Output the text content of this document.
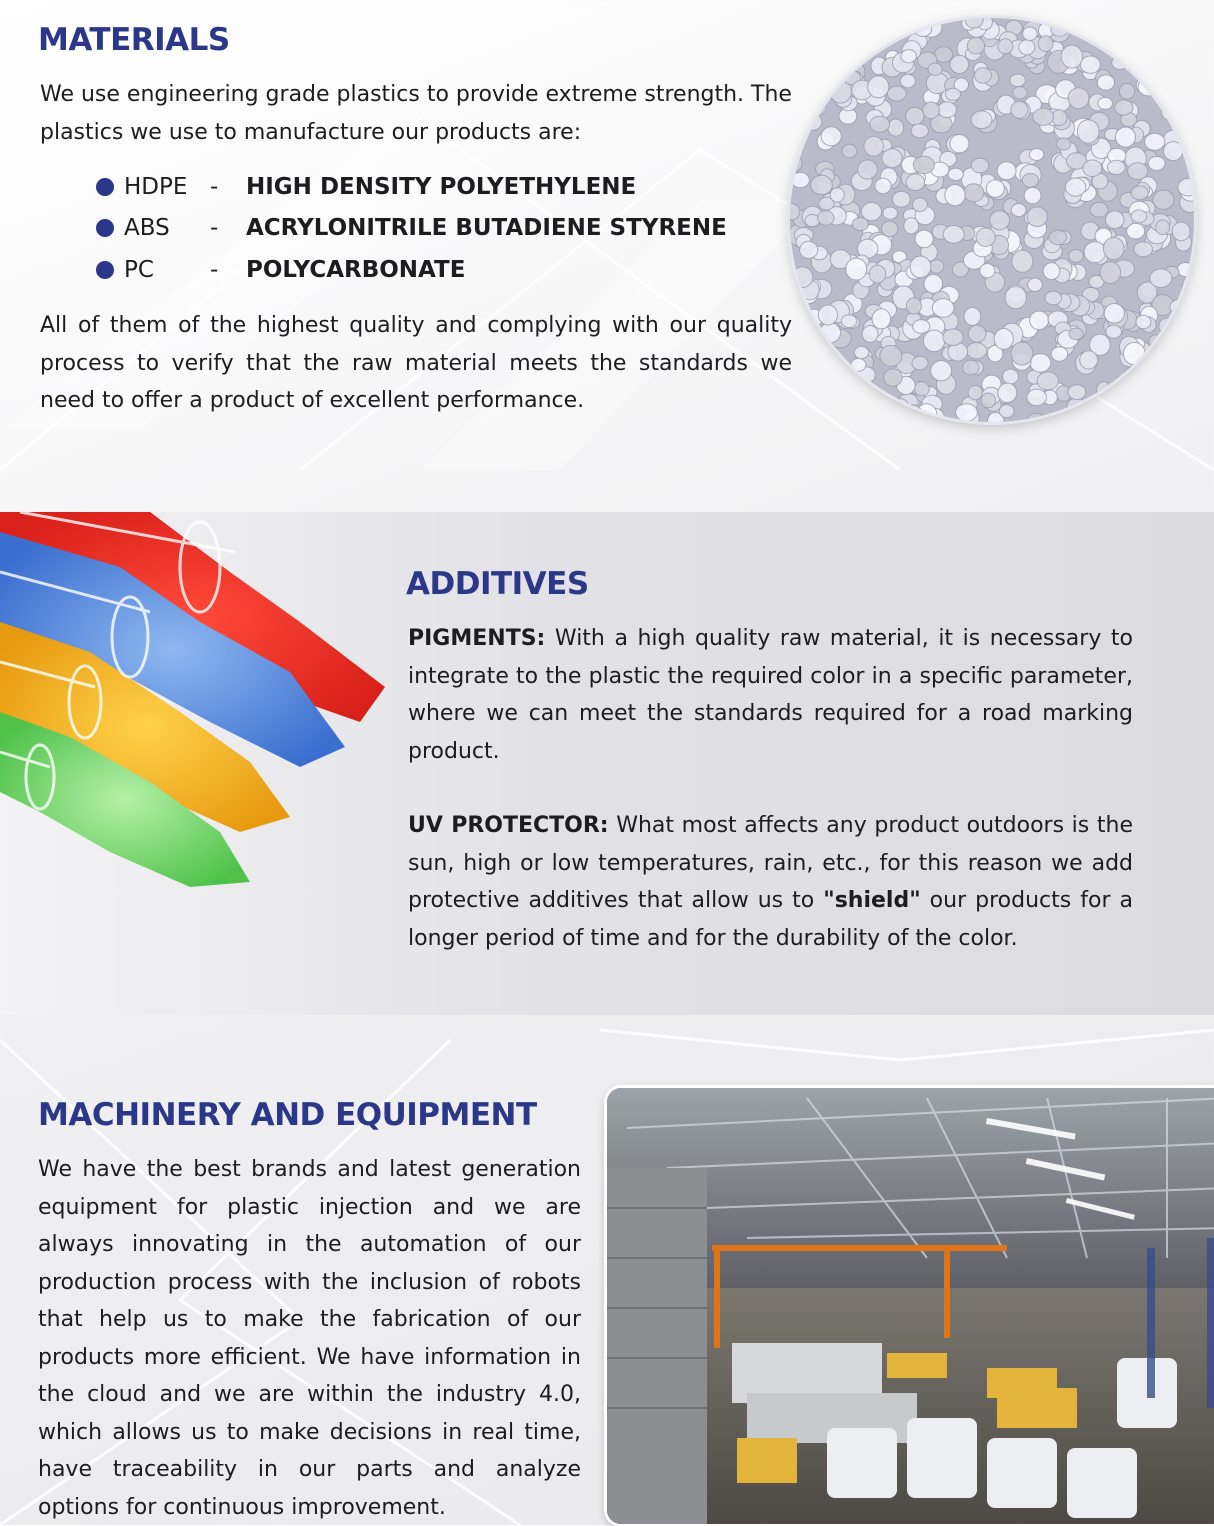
MATERIALS

We use engineering grade plastics to provide extreme strength. The plastics we use to manufacture our products are:

HDPE -	HIGH DENSITY POLYETHYLENE
ABS	-	ACRYLONITRILE BUTADIENE STYRENE
PC	-	POLYCARBONATE

All of them of the highest quality and complying with our quality process to verify that the raw material meets the standards we need to offer a product of excellent performance.

ADDITIVES

PIGMENTS: With a high quality raw material, it is necessary to integrate to the plastic the required color in a specific parameter, where we can meet the standards required for a road marking product.

UV PROTECTOR: What most affects any product outdoors is the sun, high or low temperatures, rain, etc., for this reason we add protective additives that allow us to "shield" our products for a longer period of time and for the durability of the color.

MACHINERY AND EQUIPMENT

We have the best brands and latest generation equipment for plastic injection and we are always innovating in the automation of our production process with the inclusion of robots that help us to make the fabrication of our products more efficient. We have information in the cloud and we are within the industry 4.0, which allows us to make decisions in real time, have traceability in our parts and analyze options for continuous improvement.
